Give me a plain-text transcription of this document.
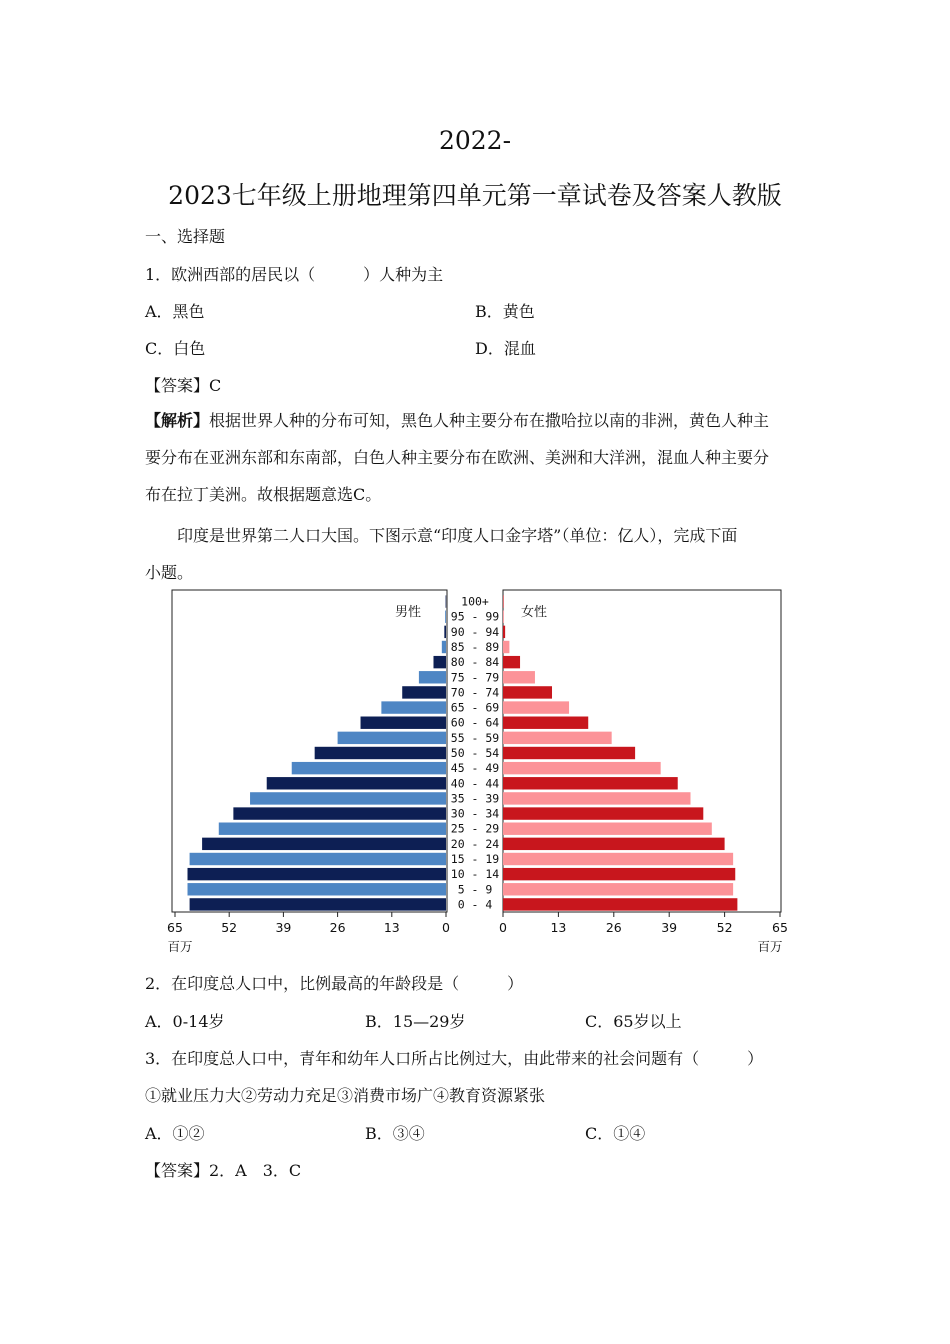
2022-
2023七年级上册地理第四单元第一章试卷及答案人教版
一、选择题
1．欧洲西部的居民以（　　　）人种为主
A．黑色	B．黄色
C．白色	D．混血
【答案】C
【解析】根据世界人种的分布可知，黑色人种主要分布在撒哈拉以南的非洲，黄色人种主
要分布在亚洲东部和东南部，白色人种主要分布在欧洲、美洲和大洋洲，混血人种主要分
布在拉丁美洲。故根据题意选C。
　　印度是世界第二人口大国。下图示意“印度人口金字塔”（单位：亿人），完成下面
小题。
100+
95 - 99
90 - 94
85 - 89
80 - 84
75 - 79
70 - 74
65 - 69
60 - 64
55 - 59
50 - 54
45 - 49
40 - 44
35 - 39
30 - 34
25 - 29
20 - 24
15 - 19
10 - 14
5 - 9
0 - 4
男性	女性
65	52	39	26	13	0	0	13	26	39	52	65
百万	百万
2．在印度总人口中，比例最高的年龄段是（　　　）
A．0-14岁	B．15—29岁	C．65岁以上
3．在印度总人口中，青年和幼年人口所占比例过大，由此带来的社会问题有（　　　）
①就业压力大②劳动力充足③消费市场广④教育资源紧张
A．①②	B．③④	C．①④
【答案】2．A　3．C
